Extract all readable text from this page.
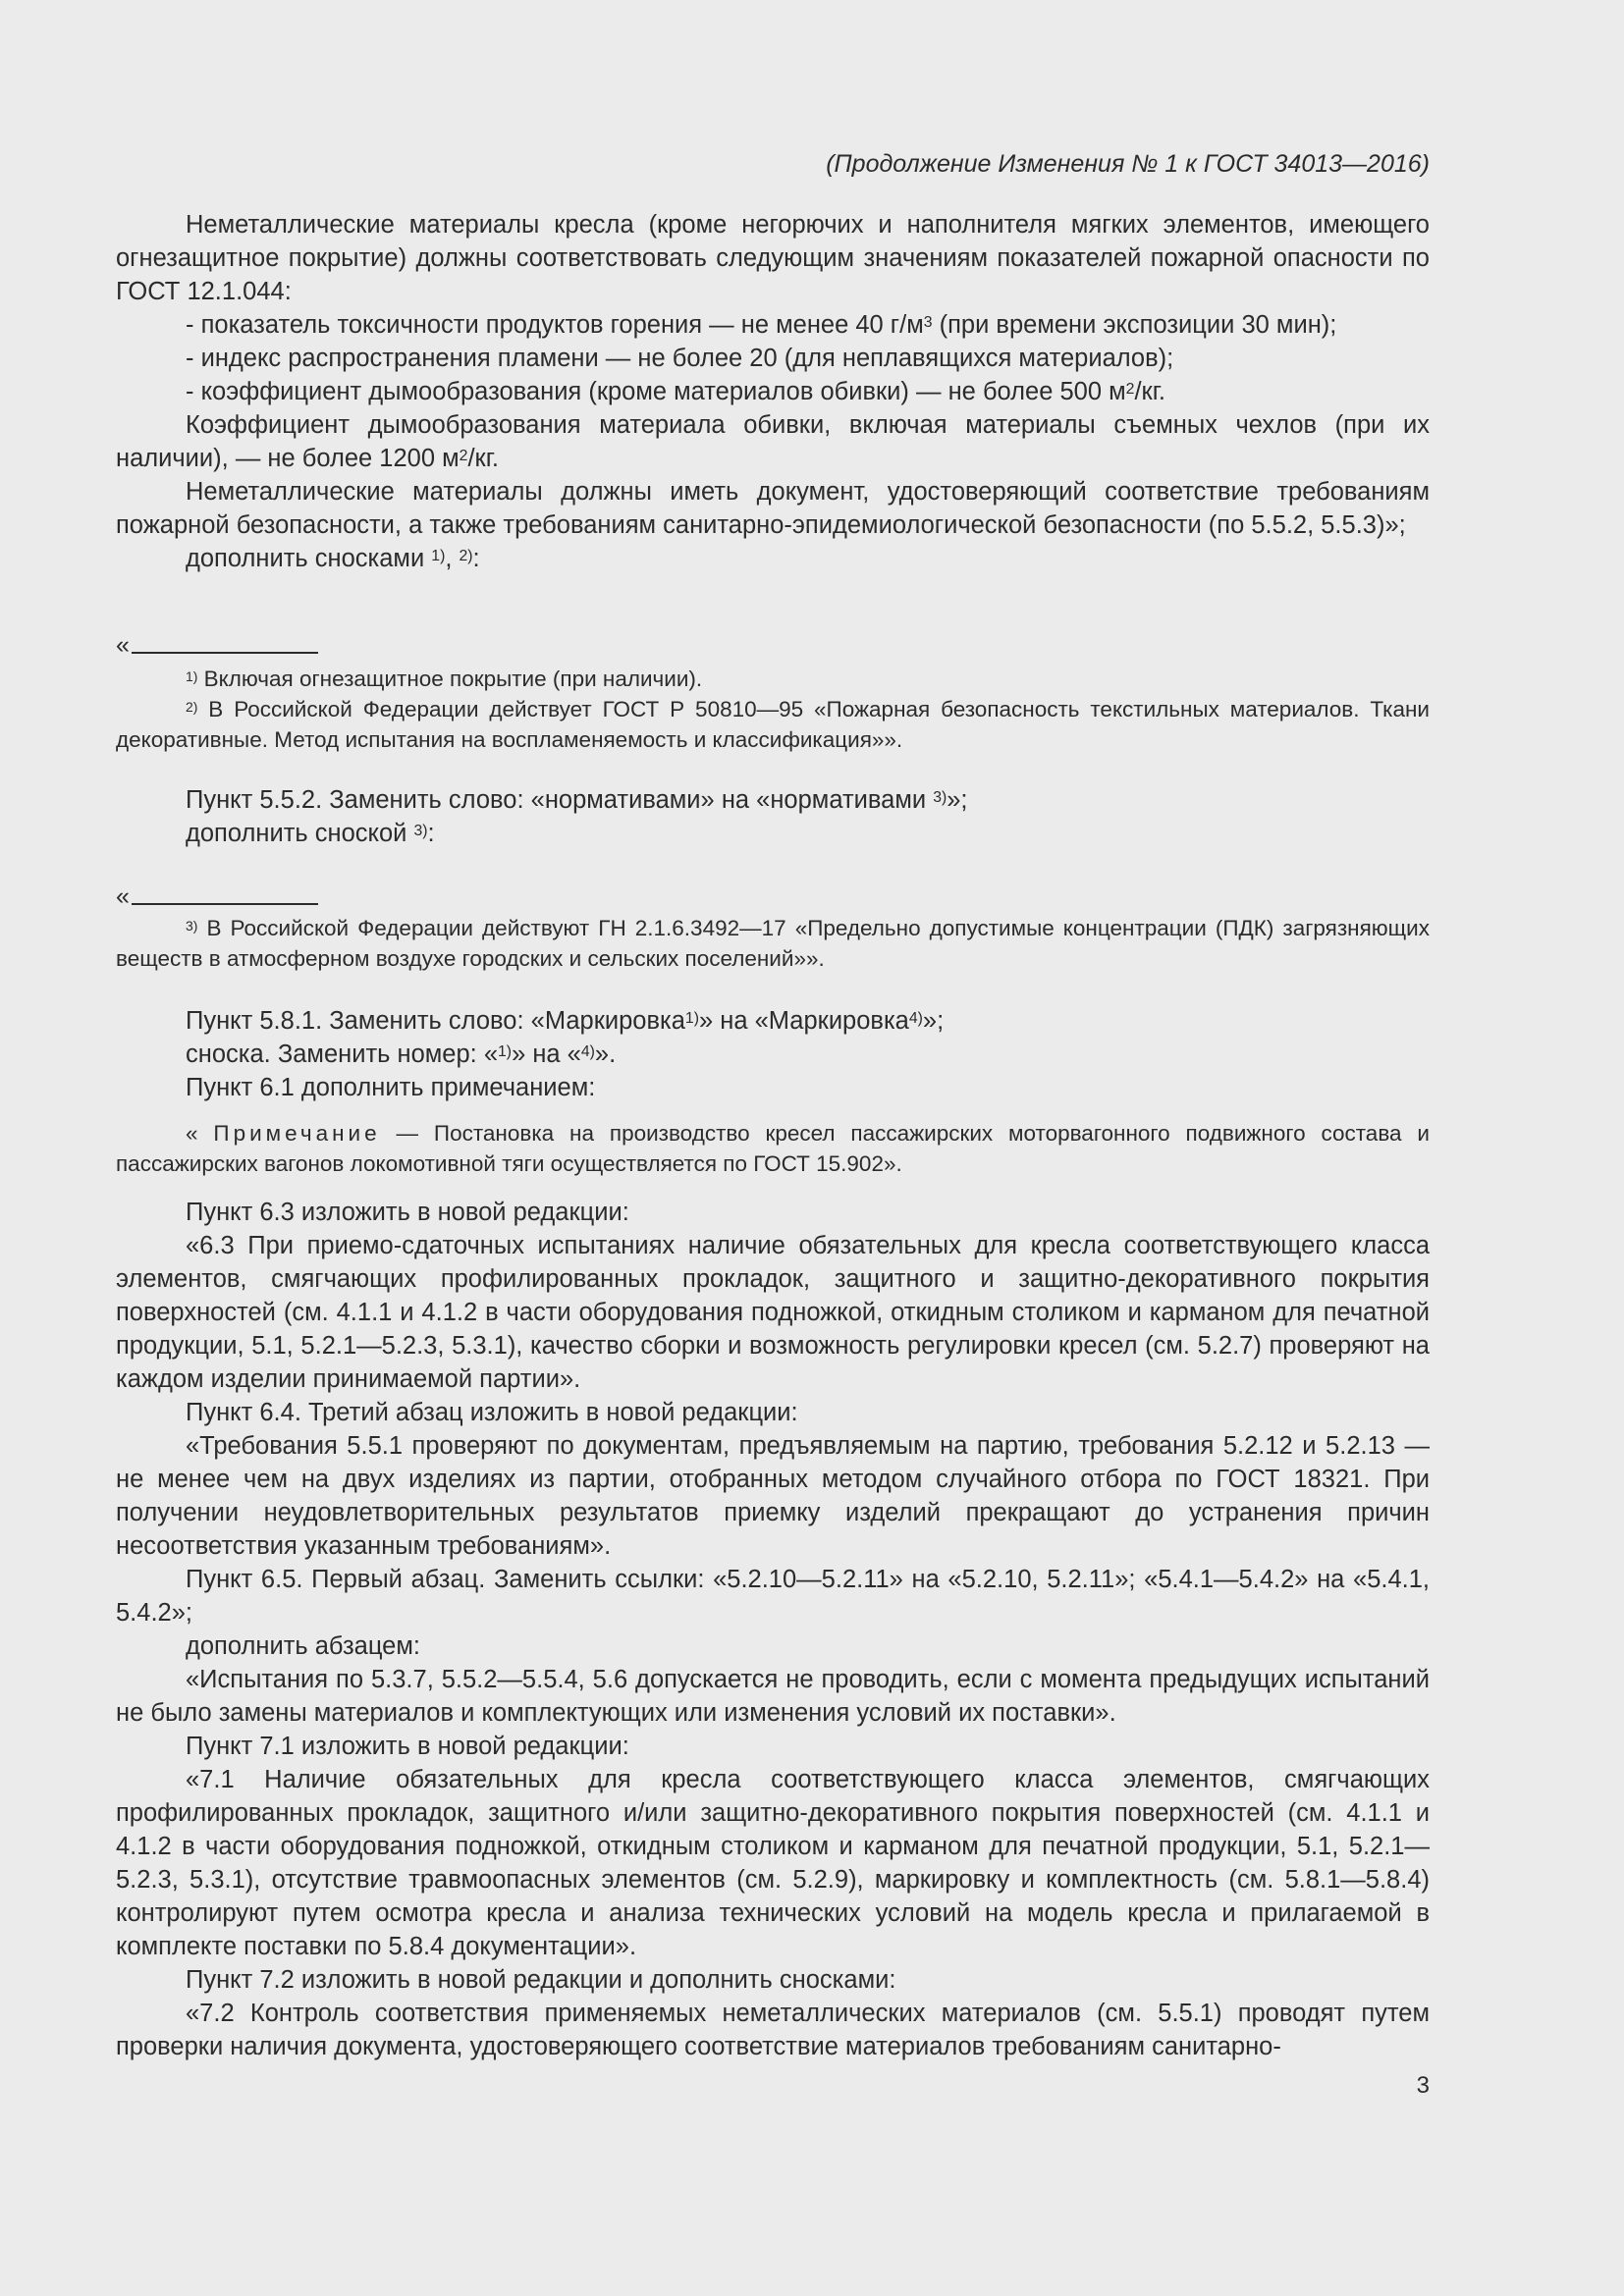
(Продолжение Изменения № 1 к ГОСТ 34013—2016)

Неметаллические материалы кресла (кроме негорючих и наполнителя мягких элементов, имеющего огнезащитное покрытие) должны соответствовать следующим значениям показателей пожарной опасности по ГОСТ 12.1.044:

- показатель токсичности продуктов горения — не менее 40 $г/м^3$ (при времени экспозиции 30 мин);

- индекс распространения пламени — не более 20 (для неплавящихся материалов);

- коэффициент дымообразования (кроме материалов обивки) — не более 500 $м^2/кг$.

Коэффициент дымообразования материала обивки, включая материалы съемных чехлов (при их наличии), — не более 1200 $м^2/кг$.

Неметаллические материалы должны иметь документ, удостоверяющий соответствие требованиям пожарной безопасности, а также требованиям санитарно-эпидемиологической безопасности (по 5.5.2, 5.5.3)»;

дополнить сносками $^{1)}$, $^{2)}$:

«

$^{1)}$ Включая огнезащитное покрытие (при наличии).

$^{2)}$ В Российской Федерации действует ГОСТ Р 50810—95 «Пожарная безопасность текстильных материалов. Ткани декоративные. Метод испытания на воспламеняемость и классификация»».

Пункт 5.5.2. Заменить слово: «нормативами» на «нормативами $^{3)}$»;

дополнить сноской $^{3)}$:

«

$^{3)}$ В Российской Федерации действуют ГН 2.1.6.3492—17 «Предельно допустимые концентрации (ПДК) загрязняющих веществ в атмосферном воздухе городских и сельских поселений»».

Пункт 5.8.1. Заменить слово: «Маркировка$^{1)}$» на «Маркировка$^{4)}$»;

сноска. Заменить номер: «$^{1)}$» на «$^{4)}$».

Пункт 6.1 дополнить примечанием:

« Примечание — Постановка на производство кресел пассажирских моторвагонного подвижного состава и пассажирских вагонов локомотивной тяги осуществляется по ГОСТ 15.902».

Пункт 6.3 изложить в новой редакции:

«6.3 При приемо-сдаточных испытаниях наличие обязательных для кресла соответствующего класса элементов, смягчающих профилированных прокладок, защитного и защитно-декоративного покрытия поверхностей (см. 4.1.1 и 4.1.2 в части оборудования подножкой, откидным столиком и карманом для печатной продукции, 5.1, 5.2.1—5.2.3, 5.3.1), качество сборки и возможность регулировки кресел (см. 5.2.7) проверяют на каждом изделии принимаемой партии».

Пункт 6.4. Третий абзац изложить в новой редакции:

«Требования 5.5.1 проверяют по документам, предъявляемым на партию, требования 5.2.12 и 5.2.13 — не менее чем на двух изделиях из партии, отобранных методом случайного отбора по ГОСТ 18321. При получении неудовлетворительных результатов приемку изделий прекращают до устранения причин несоответствия указанным требованиям».

Пункт 6.5. Первый абзац. Заменить ссылки: «5.2.10—5.2.11» на «5.2.10, 5.2.11»; «5.4.1—5.4.2» на «5.4.1, 5.4.2»;

дополнить абзацем:

«Испытания по 5.3.7, 5.5.2—5.5.4, 5.6 допускается не проводить, если с момента предыдущих испытаний не было замены материалов и комплектующих или изменения условий их поставки».

Пункт 7.1 изложить в новой редакции:

«7.1 Наличие обязательных для кресла соответствующего класса элементов, смягчающих профилированных прокладок, защитного и/или защитно-декоративного покрытия поверхностей (см. 4.1.1 и 4.1.2 в части оборудования подножкой, откидным столиком и карманом для печатной продукции, 5.1, 5.2.1—5.2.3, 5.3.1), отсутствие травмоопасных элементов (см. 5.2.9), маркировку и комплектность (см. 5.8.1—5.8.4) контролируют путем осмотра кресла и анализа технических условий на модель кресла и прилагаемой в комплекте поставки по 5.8.4 документации».

Пункт 7.2 изложить в новой редакции и дополнить сносками:

«7.2 Контроль соответствия применяемых неметаллических материалов (см. 5.5.1) проводят путем проверки наличия документа, удостоверяющего соответствие материалов требованиям санитарно-

3
